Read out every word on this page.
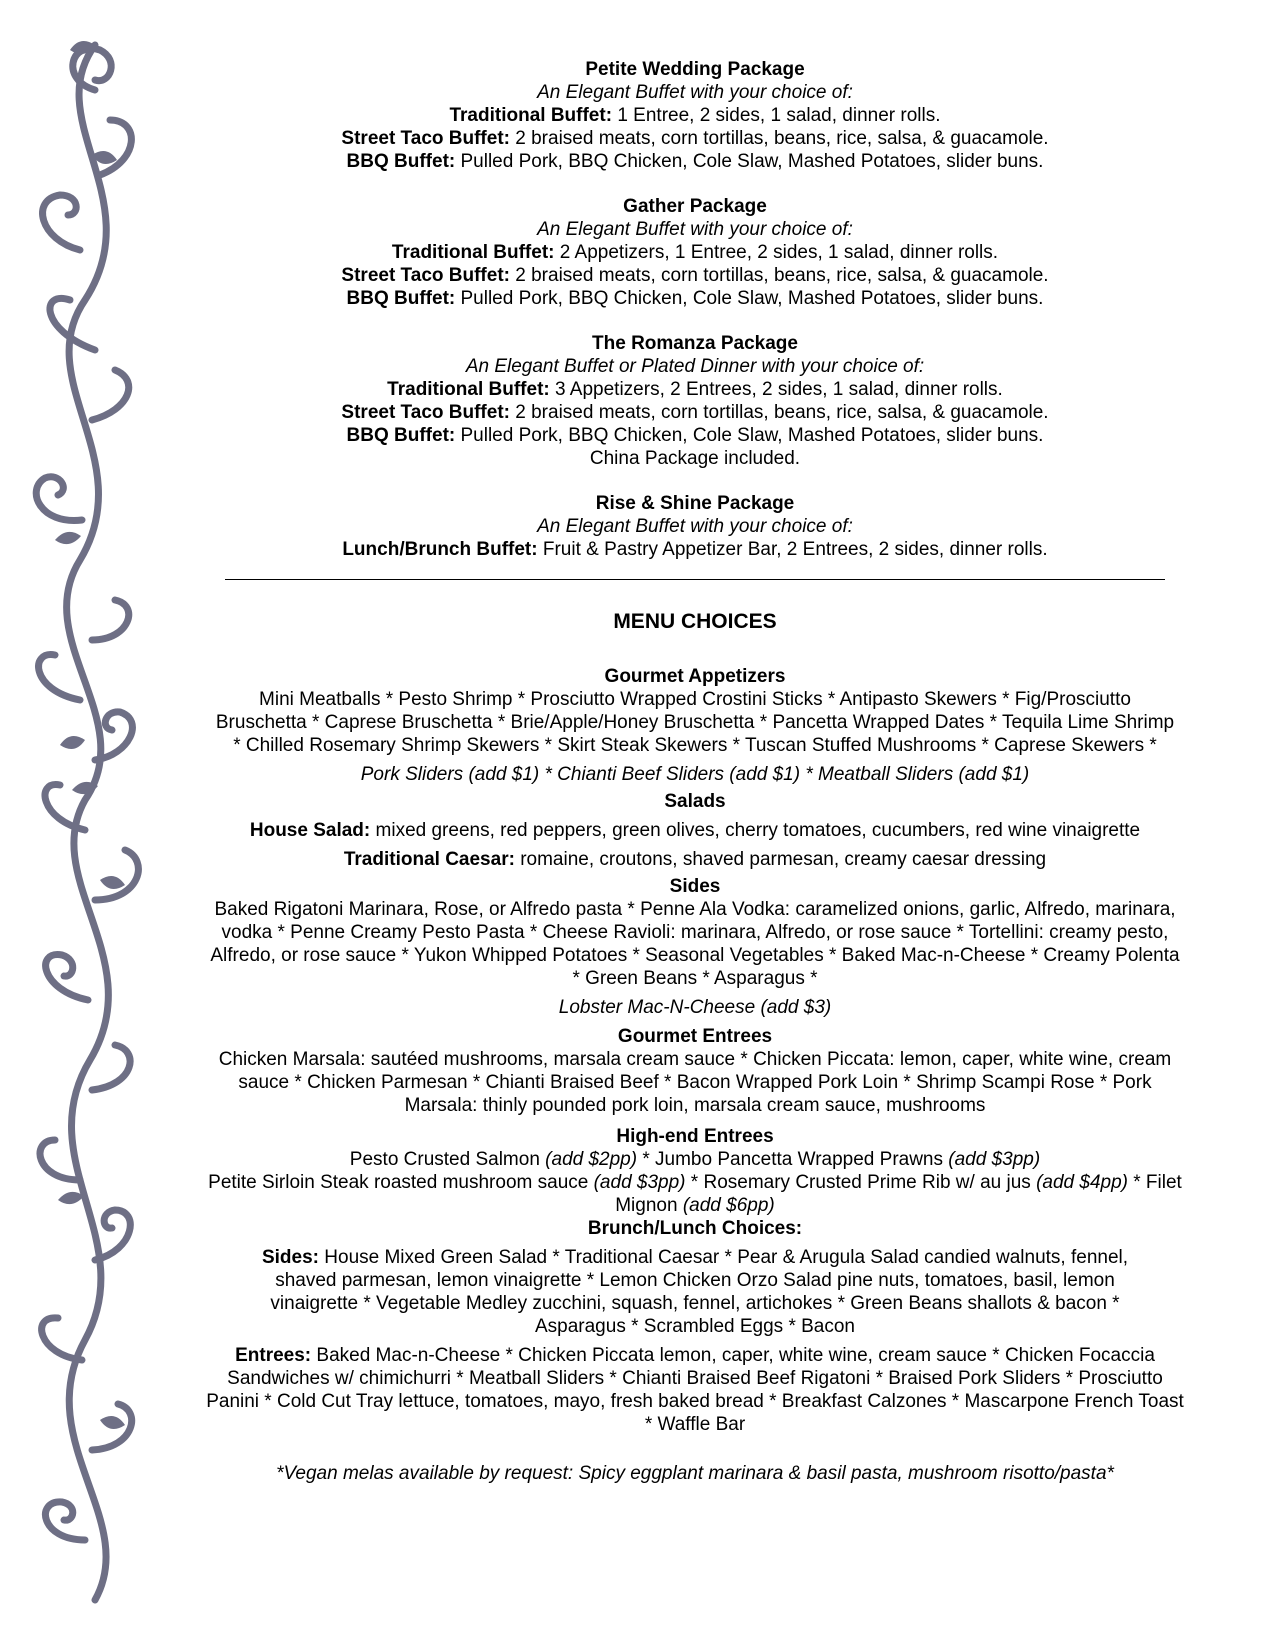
Petite Wedding Package
An Elegant Buffet with your choice of:
Traditional Buffet: 1 Entree, 2 sides, 1 salad, dinner rolls.
Street Taco Buffet: 2 braised meats, corn tortillas, beans, rice, salsa, & guacamole.
BBQ Buffet: Pulled Pork, BBQ Chicken, Cole Slaw, Mashed Potatoes, slider buns.
Gather Package
An Elegant Buffet with your choice of:
Traditional Buffet: 2 Appetizers, 1 Entree, 2 sides, 1 salad, dinner rolls.
Street Taco Buffet: 2 braised meats, corn tortillas, beans, rice, salsa, & guacamole.
BBQ Buffet: Pulled Pork, BBQ Chicken, Cole Slaw, Mashed Potatoes, slider buns.
The Romanza Package
An Elegant Buffet or Plated Dinner with your choice of:
Traditional Buffet: 3 Appetizers, 2 Entrees, 2 sides, 1 salad, dinner rolls.
Street Taco Buffet: 2 braised meats, corn tortillas, beans, rice, salsa, & guacamole.
BBQ Buffet: Pulled Pork, BBQ Chicken, Cole Slaw, Mashed Potatoes, slider buns.
China Package included.
Rise & Shine Package
An Elegant Buffet with your choice of:
Lunch/Brunch Buffet: Fruit & Pastry Appetizer Bar, 2 Entrees, 2 sides, dinner rolls.
MENU CHOICES
Gourmet Appetizers
Mini Meatballs * Pesto Shrimp * Prosciutto Wrapped Crostini Sticks * Antipasto Skewers * Fig/Prosciutto Bruschetta * Caprese Bruschetta * Brie/Apple/Honey Bruschetta * Pancetta Wrapped Dates * Tequila Lime Shrimp * Chilled Rosemary Shrimp Skewers * Skirt Steak Skewers * Tuscan Stuffed Mushrooms * Caprese Skewers *
Pork Sliders (add $1) * Chianti Beef Sliders (add $1) * Meatball Sliders (add $1)
Salads
House Salad: mixed greens, red peppers, green olives, cherry tomatoes, cucumbers, red wine vinaigrette
Traditional Caesar: romaine, croutons, shaved parmesan, creamy caesar dressing
Sides
Baked Rigatoni Marinara, Rose, or Alfredo pasta * Penne Ala Vodka: caramelized onions, garlic, Alfredo, marinara, vodka * Penne Creamy Pesto Pasta * Cheese Ravioli: marinara, Alfredo, or rose sauce * Tortellini: creamy pesto, Alfredo, or rose sauce * Yukon Whipped Potatoes * Seasonal Vegetables * Baked Mac-n-Cheese * Creamy Polenta * Green Beans * Asparagus *
Lobster Mac-N-Cheese (add $3)
Gourmet Entrees
Chicken Marsala: sautéed mushrooms, marsala cream sauce * Chicken Piccata: lemon, caper, white wine, cream sauce * Chicken Parmesan * Chianti Braised Beef * Bacon Wrapped Pork Loin * Shrimp Scampi Rose * Pork Marsala: thinly pounded pork loin, marsala cream sauce, mushrooms
High-end Entrees
Pesto Crusted Salmon (add $2pp) * Jumbo Pancetta Wrapped Prawns (add $3pp)
Petite Sirloin Steak roasted mushroom sauce (add $3pp) * Rosemary Crusted Prime Rib w/ au jus (add $4pp) * Filet Mignon (add $6pp)
Brunch/Lunch Choices:
Sides: House Mixed Green Salad * Traditional Caesar * Pear & Arugula Salad candied walnuts, fennel, shaved parmesan, lemon vinaigrette * Lemon Chicken Orzo Salad pine nuts, tomatoes, basil, lemon vinaigrette * Vegetable Medley zucchini, squash, fennel, artichokes * Green Beans shallots & bacon * Asparagus * Scrambled Eggs * Bacon
Entrees: Baked Mac-n-Cheese * Chicken Piccata lemon, caper, white wine, cream sauce * Chicken Focaccia Sandwiches w/ chimichurri * Meatball Sliders * Chianti Braised Beef Rigatoni * Braised Pork Sliders * Prosciutto Panini * Cold Cut Tray lettuce, tomatoes, mayo, fresh baked bread * Breakfast Calzones * Mascarpone French Toast * Waffle Bar
*Vegan melas available by request: Spicy eggplant marinara & basil pasta, mushroom risotto/pasta*
